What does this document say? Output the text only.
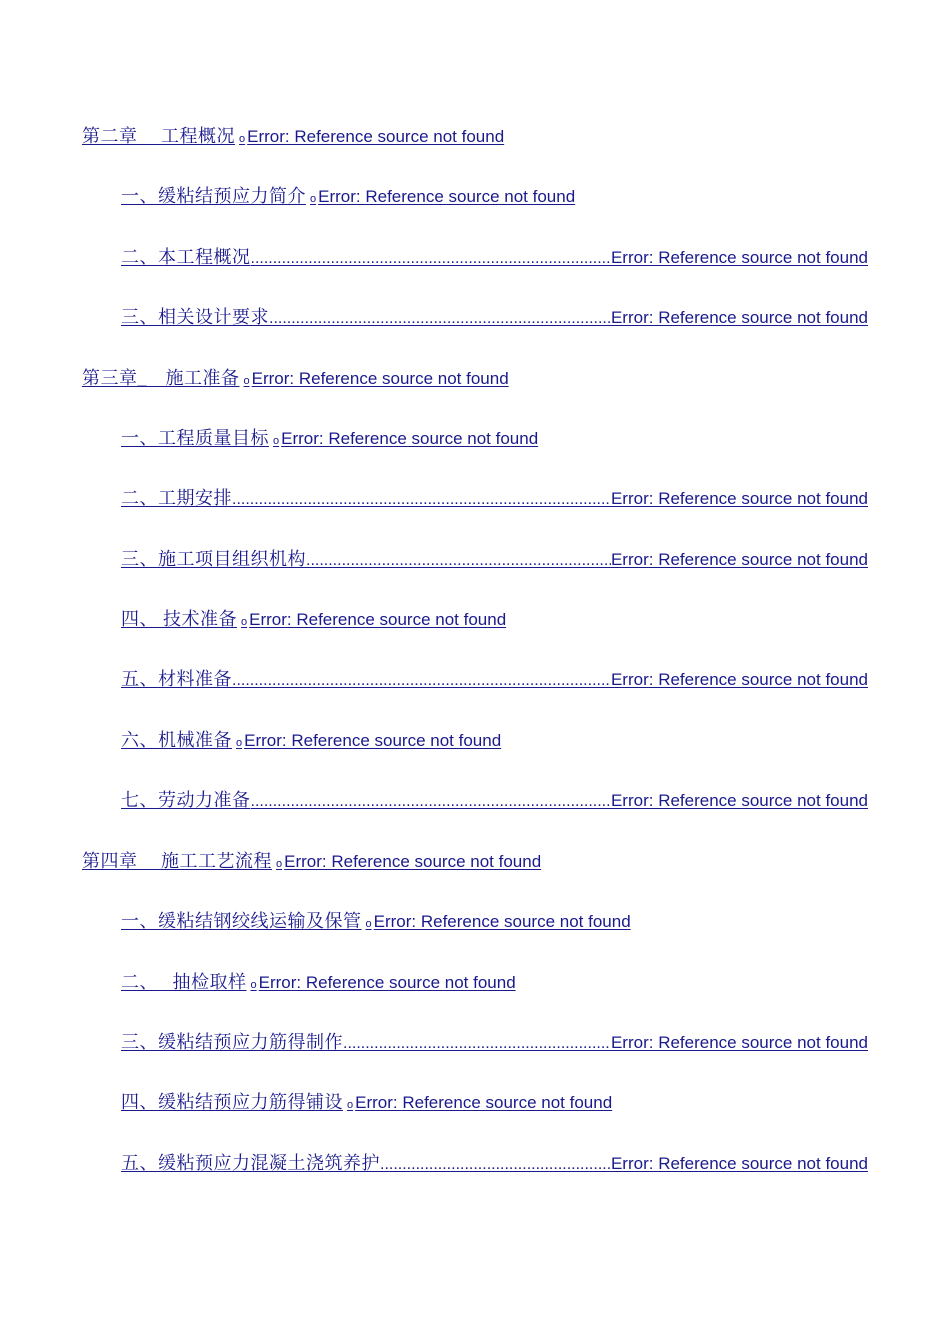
第二章　 工程概况 o Error: Reference source not found
一、缓粘结预应力简介 o Error: Reference source not found
二、本工程概况 .....	Error: Reference source not found
三、相关设计要求 .....	Error: Reference source not found
第三章_　施工准备 o Error: Reference source not found
一、工程质量目标 o Error: Reference source not found
二、工期安排 .....	Error: Reference source not found
三、施工项目组织机构 .....	Error: Reference source not found
四、 技术准备 o Error: Reference source not found
五、材料准备 .....	Error: Reference source not found
六、机械准备 o Error: Reference source not found
七、劳动力准备 .....	Error: Reference source not found
第四章　 施工工艺流程 o Error: Reference source not found
一、缓粘结钢绞线运输及保管 o Error: Reference source not found
二、　 抽检取样 o Error: Reference source not found
三、缓粘结预应力筋得制作 .....	Error: Reference source not found
四、缓粘结预应力筋得铺设 o Error: Reference source not found
五、缓粘预应力混凝土浇筑养护 .....	Error: Reference source not found
